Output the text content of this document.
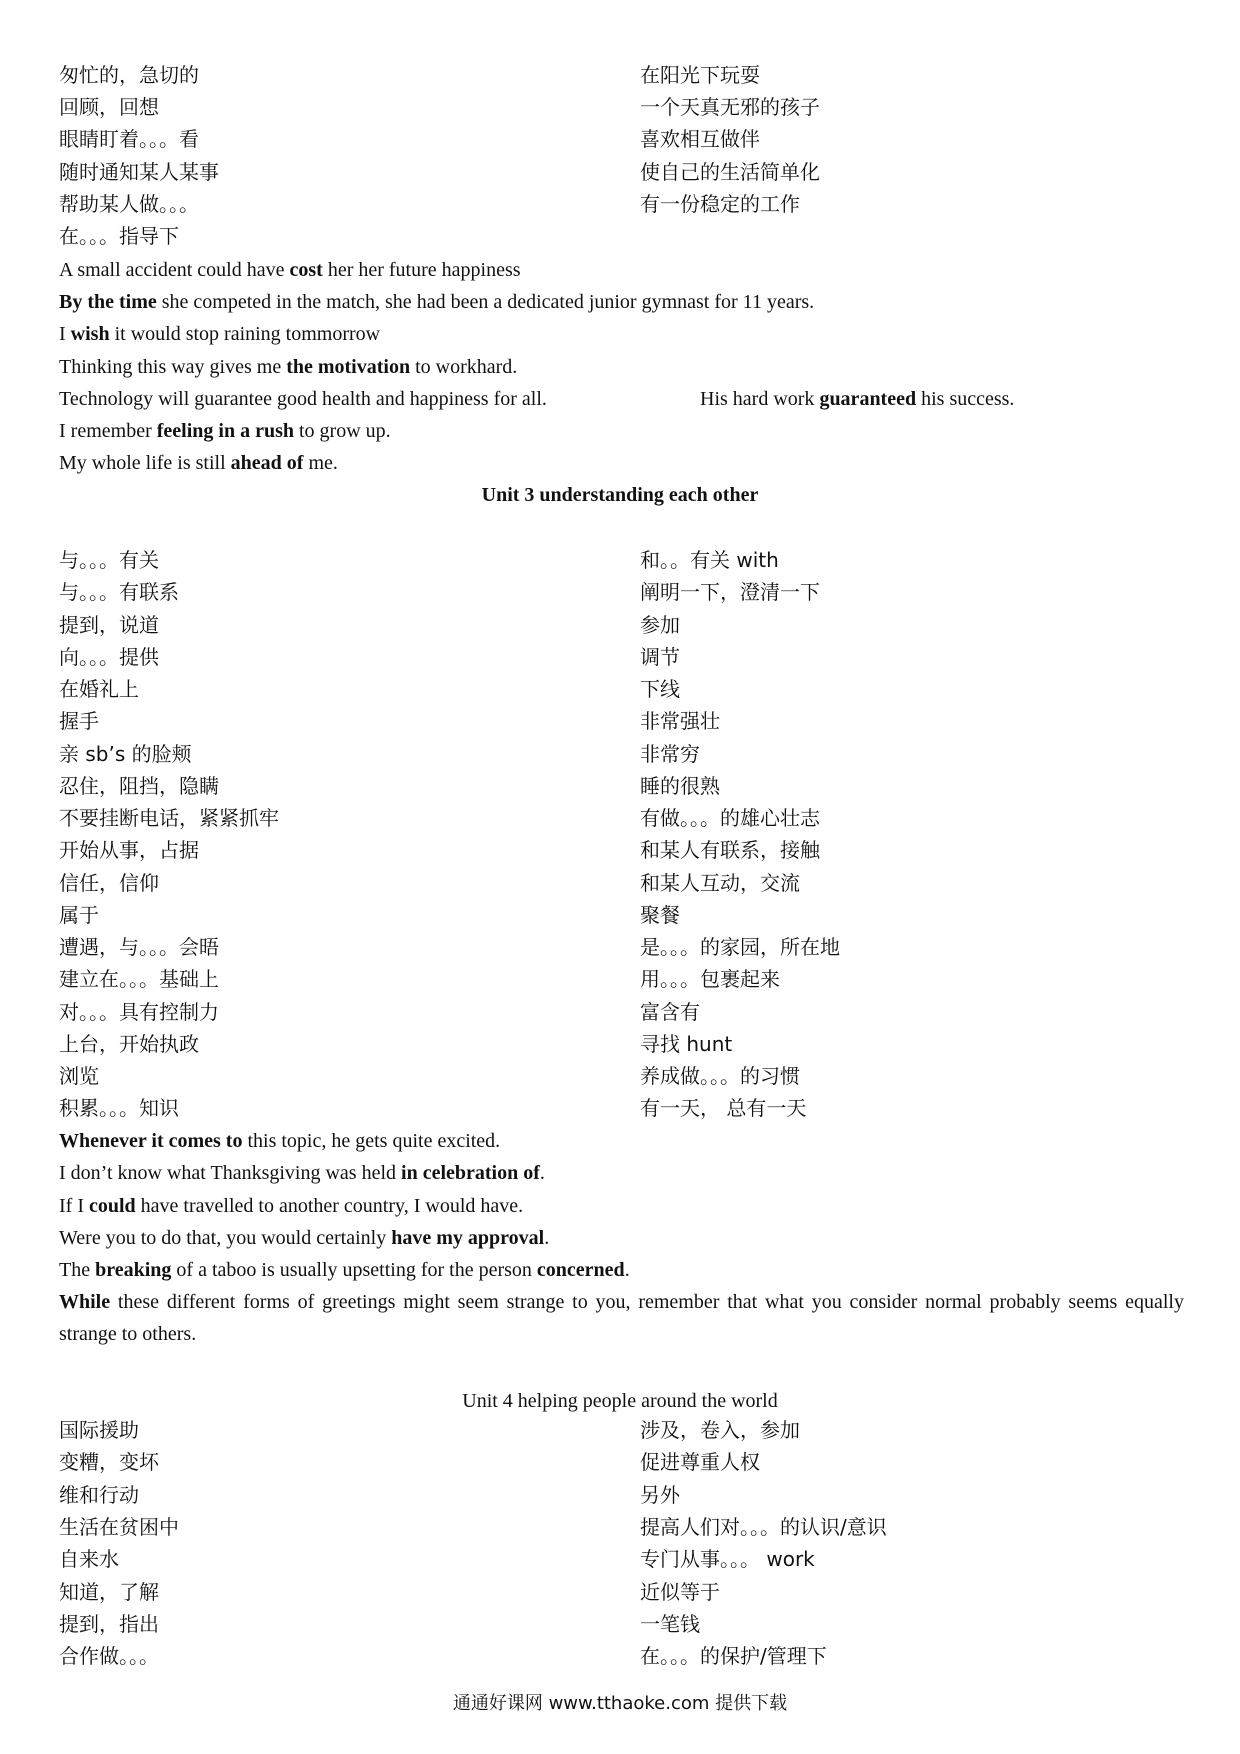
匆忙的，急切的
回顾，回想
眼睛盯着。。。看
随时通知某人某事
帮助某人做。。。
在。。。指导下
在阳光下玩耍
一个天真无邪的孩子
喜欢相互做伴
使自己的生活简单化
有一份稳定的工作
A small accident could have cost her her future happiness
By the time she competed in the match, she had been a dedicated junior gymnast for 11 years.
I wish it would stop raining tommorrow
Thinking this way gives me the motivation to workhard.
Technology will guarantee good health and happiness for all.	His hard work guaranteed his success.
I remember feeling in a rush to grow up.
My whole life is still ahead of me.
Unit 3 understanding each other
与。。。有关
与。。。有联系
提到，说道
向。。。提供
在婚礼上
握手
亲 sb’s 的脸颊
忍住，阻挡，隐瞒
不要挂断电话，紧紧抓牢
开始从事，占据
信任，信仰
属于
遭遇，与。。。会晤
建立在。。。基础上
对。。。具有控制力
上台，开始执政
浏览
积累。。。知识
和。。有关 with
阐明一下，澄清一下
参加
调节
下线
非常强壮
非常穷
睡的很熟
有做。。。的雄心壮志
和某人有联系，接触
和某人互动，交流
聚餐
是。。。的家园，所在地
用。。。包裹起来
富含有
寻找 hunt
养成做。。。的习惯
有一天， 总有一天
Whenever it comes to this topic, he gets quite excited.
I don’t know what Thanksgiving was held in celebration of.
If I could have travelled to another country, I would have.
Were you to do that, you would certainly have my approval.
The breaking of a taboo is usually upsetting for the person concerned.
While these different forms of greetings might seem strange to you, remember that what you consider normal probably seems equally strange to others.
Unit 4 helping people around the world
国际援助
变糟，变坏
维和行动
生活在贫困中
自来水
知道，了解
提到，指出
合作做。。。
涉及，卷入，参加
促进尊重人权
另外
提高人们对。。。的认识/意识
专门从事。。。 work
近似等于
一笔钱
在。。。的保护/管理下
通通好课网 www.tthaoke.com 提供下载
